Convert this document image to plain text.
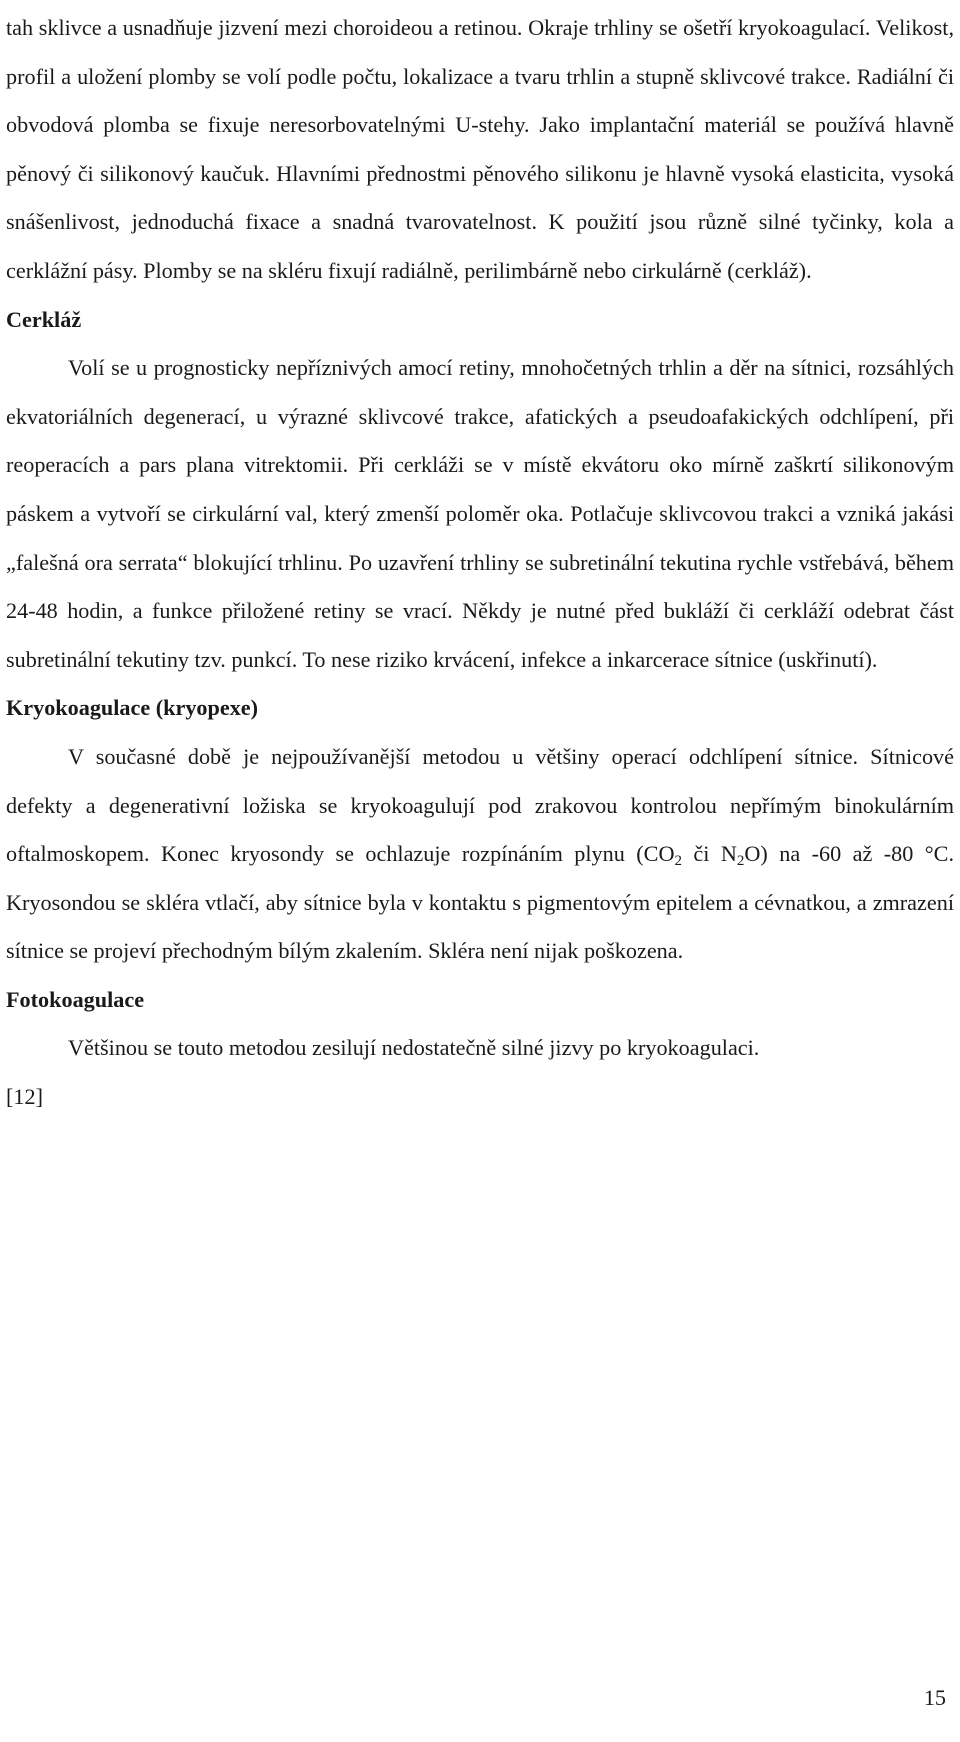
tah sklivce a usnadňuje jizvení mezi choroideou a retinou. Okraje trhliny se ošetří kryokoagulací. Velikost, profil a uložení plomby se volí podle počtu, lokalizace a tvaru trhlin a stupně sklivcové trakce. Radiální či obvodová plomba se fixuje neresorbovatelnými U-stehy. Jako implantační materiál se používá hlavně pěnový či silikonový kaučuk. Hlavními přednostmi pěnového silikonu je hlavně vysoká elasticita, vysoká snášenlivost, jednoduchá fixace a snadná tvarovatelnost. K použití jsou různě silné tyčinky, kola a cerklážní pásy. Plomby se na skléru fixují radiálně, perilimbárně nebo cirkulárně (cerkláž).

Cerkláž

Volí se u prognosticky nepříznivých amocí retiny, mnohočetných trhlin a děr na sítnici, rozsáhlých ekvatoriálních degenerací, u výrazné sklivcové trakce, afatických a pseudoafakických odchlípení, při reoperacích a pars plana vitrektomii. Při cerkláži se v místě ekvátoru oko mírně zaškrtí silikonovým páskem a vytvoří se cirkulární val, který zmenší poloměr oka. Potlačuje sklivcovou trakci a vzniká jakási „falešná ora serrata“ blokující trhlinu. Po uzavření trhliny se subretinální tekutina rychle vstřebává, během 24-48 hodin, a funkce přiložené retiny se vrací. Někdy je nutné před bukláží či cerkláží odebrat část subretinální tekutiny tzv. punkcí. To nese riziko krvácení, infekce a inkarcerace sítnice (uskřinutí).

Kryokoagulace (kryopexe)

V současné době je nejpoužívanější metodou u většiny operací odchlípení sítnice. Sítnicové defekty a degenerativní ložiska se kryokoagulují pod zrakovou kontrolou nepřímým binokulárním oftalmoskopem. Konec kryosondy se ochlazuje rozpínáním plynu ($CO_2$ či $N_2O$) na -60 až -80 °C. Kryosondou se skléra vtlačí, aby sítnice byla v kontaktu s pigmentovým epitelem a cévnatkou, a zmrazení sítnice se projeví přechodným bílým zkalením. Skléra není nijak poškozena.

Fotokoagulace

Většinou se touto metodou zesilují nedostatečně silné jizvy po kryokoagulaci.

[12]

15
